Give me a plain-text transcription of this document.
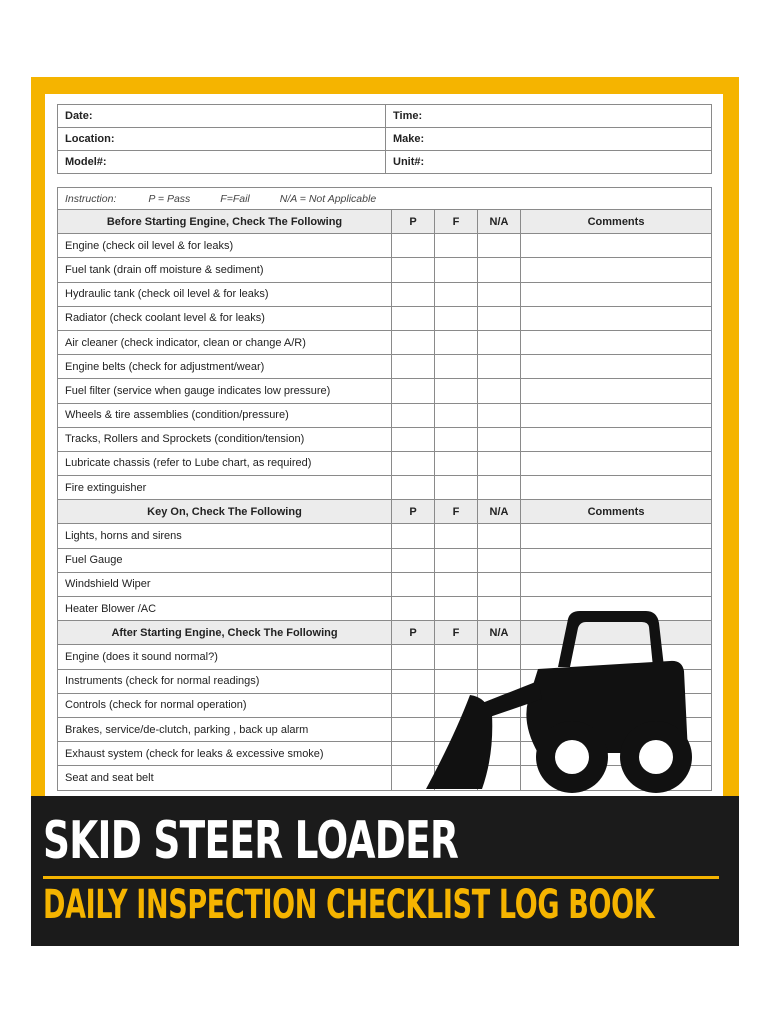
Date:	Time:
Location:	Make:
Model#:	Unit#:
Instruction: P = Pass F=Fail N/A = Not Applicable				
Before Starting Engine, Check The Following	P	F	N/A	Comments
Engine (check oil level & for leaks)				
Fuel tank (drain off moisture & sediment)				
Hydraulic tank (check oil level & for leaks)				
Radiator (check coolant level & for leaks)				
Air cleaner (check indicator, clean or change A/R)				
Engine belts (check for adjustment/wear)				
Fuel filter (service when gauge indicates low pressure)				
Wheels & tire assemblies (condition/pressure)				
Tracks, Rollers and Sprockets (condition/tension)				
Lubricate chassis (refer to Lube chart, as required)				
Fire extinguisher				
Key On, Check The Following	P	F	N/A	Comments
Lights, horns and sirens				
Fuel Gauge				
Windshield Wiper				
Heater Blower /AC				
After Starting Engine, Check The Following	P	F	N/A	
Engine (does it sound normal?)				
Instruments (check for normal readings)				
Controls (check for normal operation)				
Brakes, service/de-clutch, parking , back up alarm				
Exhaust system (check for leaks & excessive smoke)				
Seat and seat belt				
SKID STEER LOADER
DAILY INSPECTION CHECKLIST LOG BOOK
